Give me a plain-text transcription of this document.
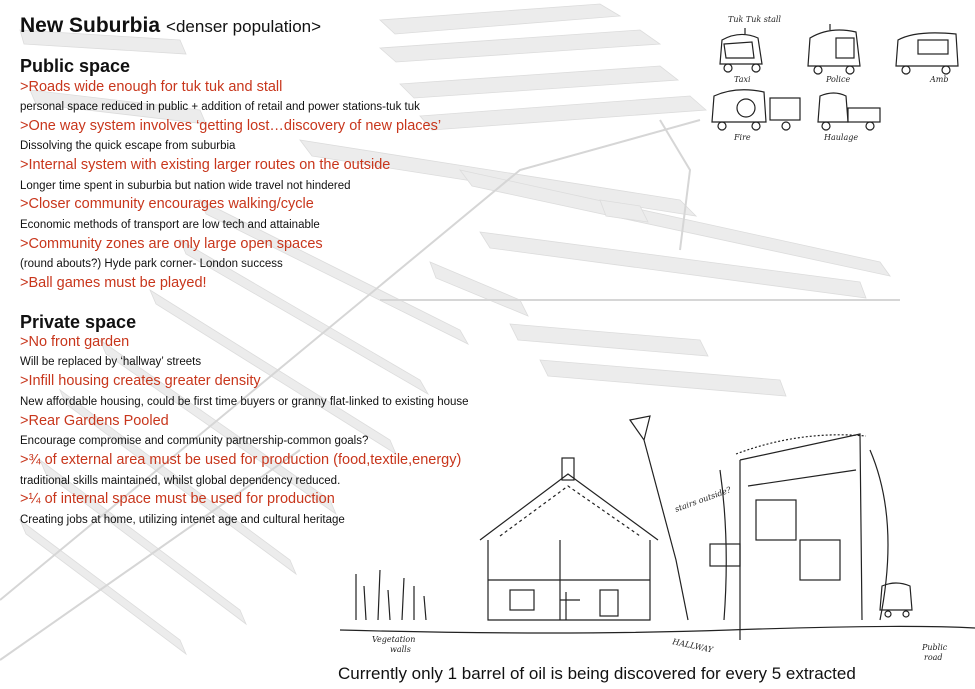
Tuk Tuk stall
Taxi	Police	Amb
Fire	Haulage
stairs outside?
Vegetation
walls	HALLWAY	Public
road
New Suburbia <denser population>
Public space
>Roads wide enough for tuk tuk and stall
personal space reduced in public + addition of retail and power stations-tuk tuk
>One way system involves ‘getting lost…discovery of new places’
Dissolving the quick escape from suburbia
>Internal system with existing larger routes on the outside
Longer time spent in suburbia but nation wide travel not hindered
>Closer community encourages walking/cycle
Economic methods of transport are low tech and attainable
>Community zones are only large open spaces
(round abouts?) Hyde park corner- London success
>Ball games must be played!
Private space
>No front garden
Will be replaced by ‘hallway’ streets
>Infill housing creates greater density
New affordable housing, could be first time buyers or granny flat-linked to existing house
>Rear Gardens Pooled
Encourage compromise and community partnership-common goals?
>¾ of external area must be used for production (food,textile,energy)
traditional skills maintained, whilst global dependency reduced.
>¼ of internal space must be used for production
Creating jobs at home, utilizing intenet age and cultural heritage
Currently only 1 barrel of oil is being discovered for every 5 extracted
